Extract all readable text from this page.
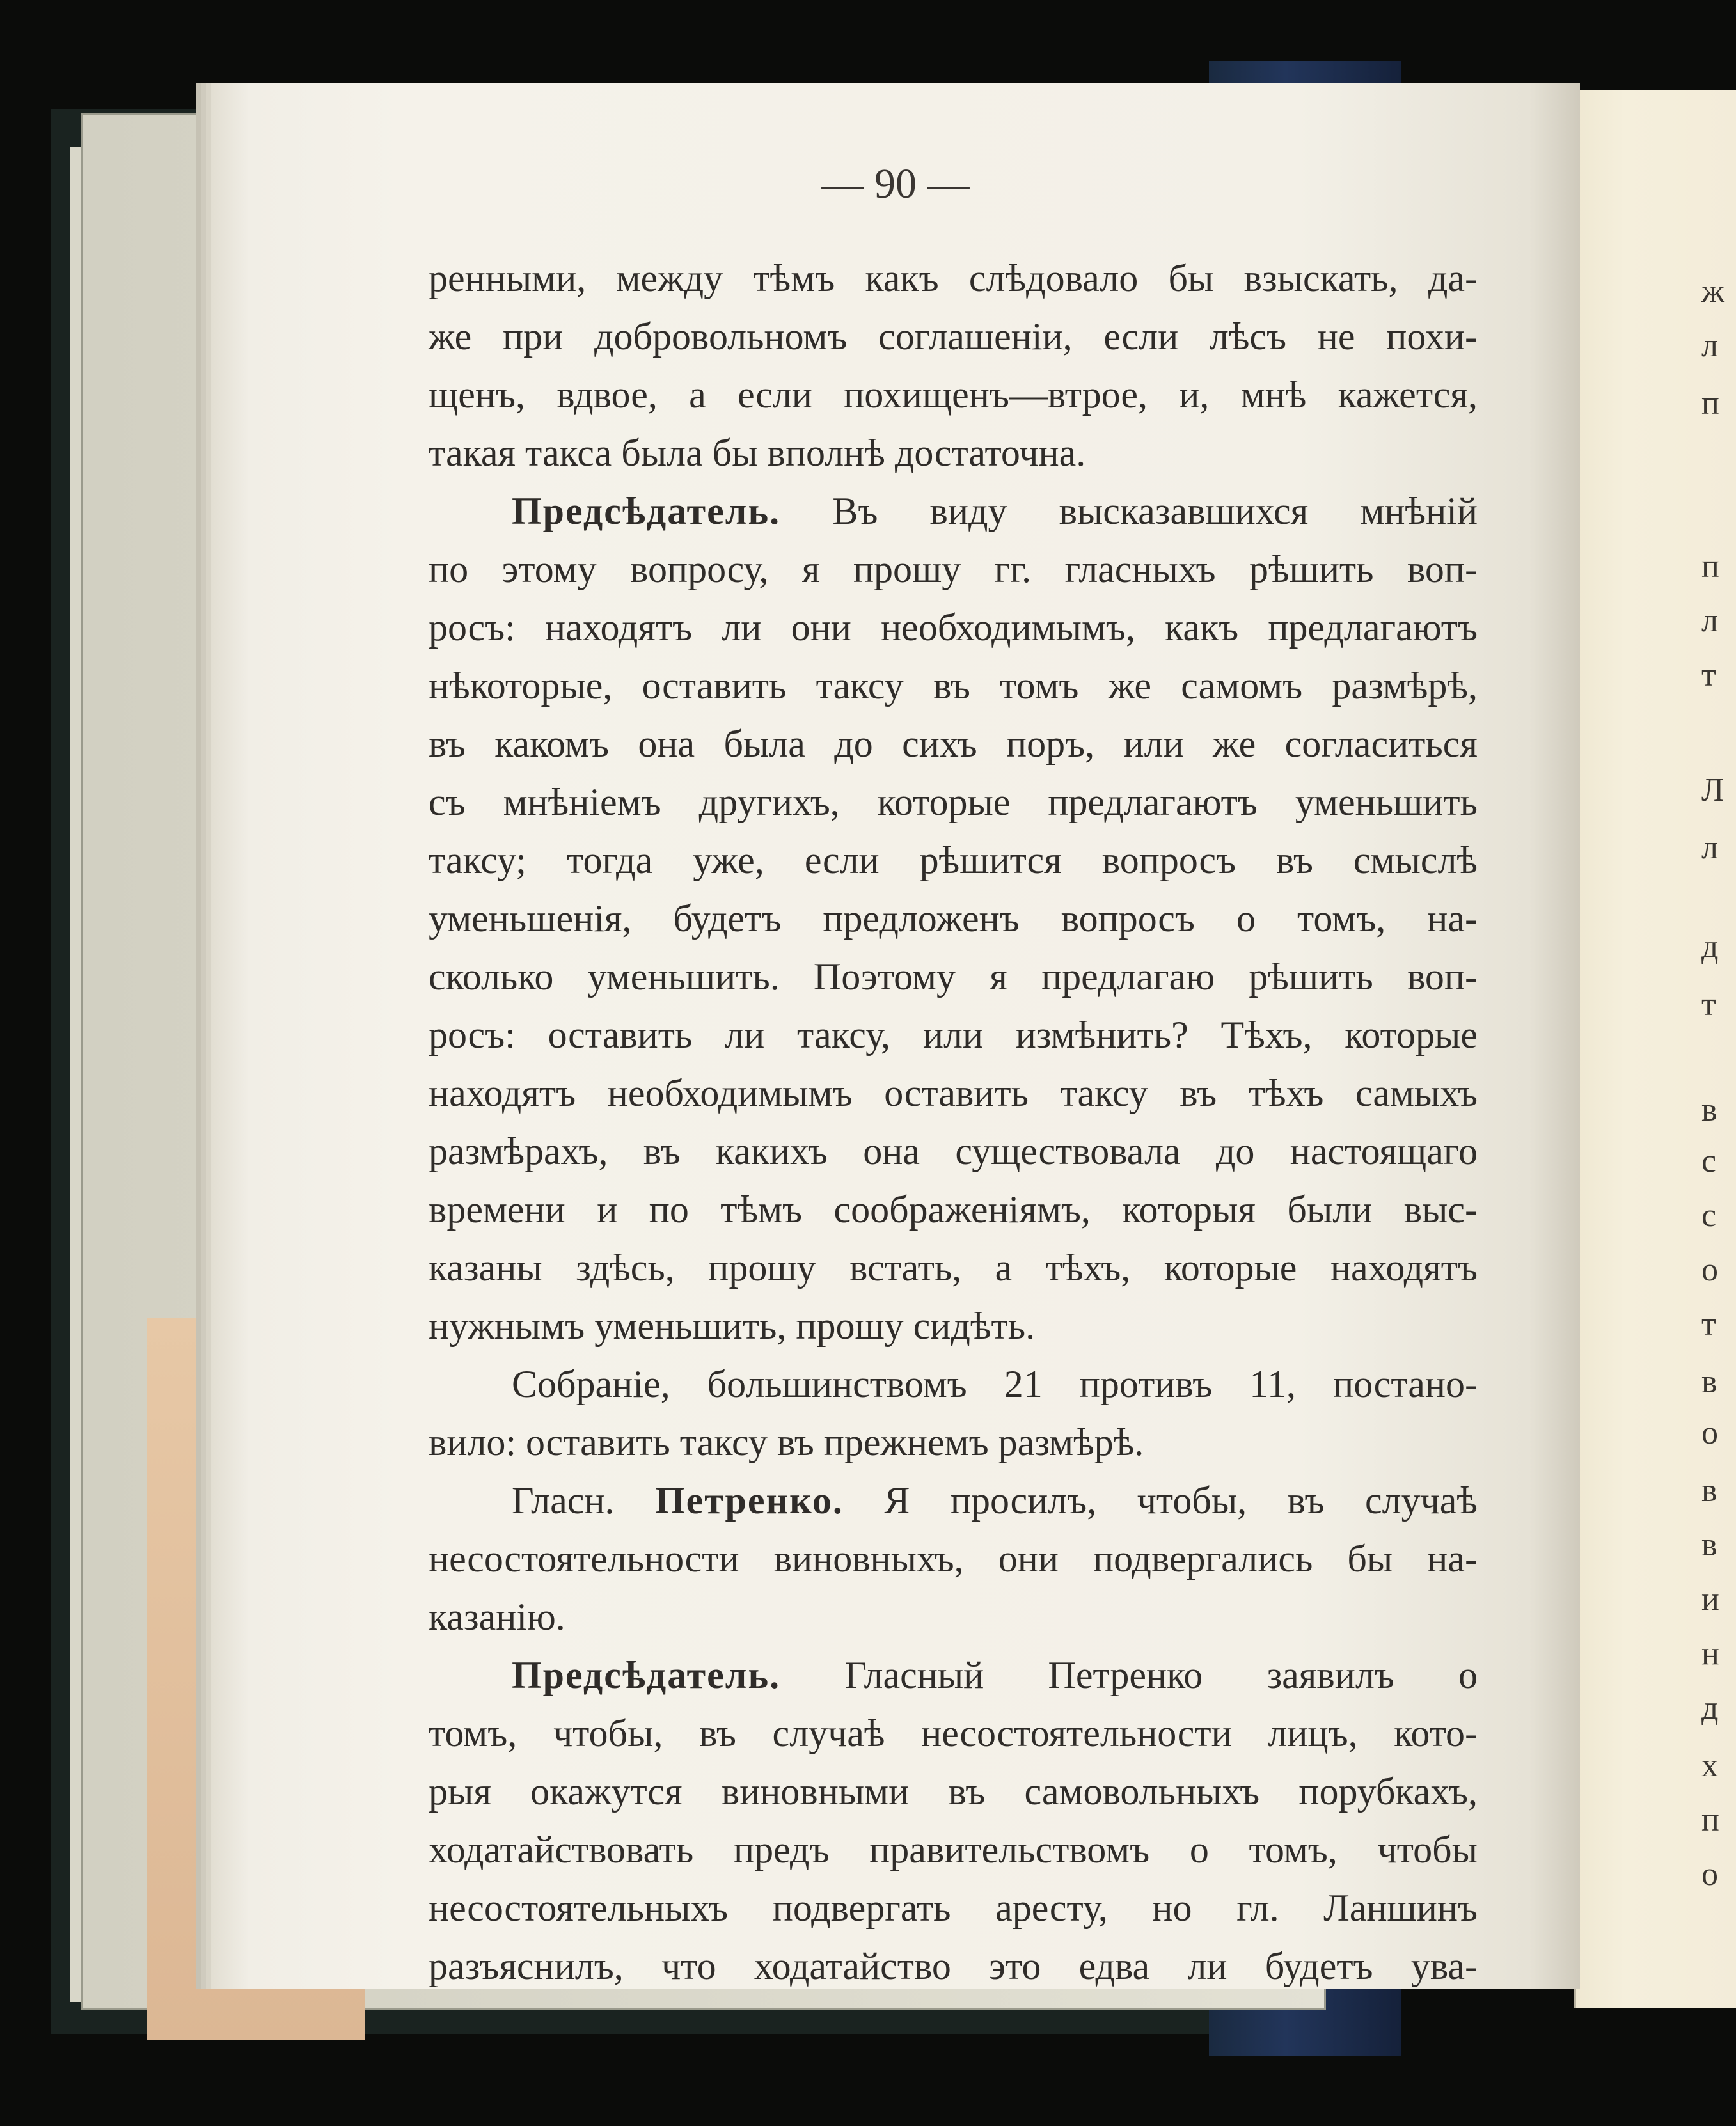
ж
л
п
п
л
т
Л
л
д
т
в
с
с
о
т
в
о
в
в
и
н
д
х
п
о
— 90 —
ренными, между тѣмъ какъ слѣдовало бы взыскать, да-
же при добровольномъ соглашеніи, если лѣсъ не похи-
щенъ, вдвое, а если похищенъ—втрое, и, мнѣ кажется,
такая такса была бы вполнѣ достаточна.
Предсѣдатель. Въ виду высказавшихся мнѣній
по этому вопросу, я прошу гг. гласныхъ рѣшить воп-
росъ: находятъ ли они необходимымъ, какъ предлагаютъ
нѣкоторые, оставить таксу въ томъ же самомъ размѣрѣ,
въ какомъ она была до сихъ поръ, или же согласиться
съ мнѣніемъ другихъ, которые предлагаютъ уменьшить
таксу; тогда уже, если рѣшится вопросъ въ смыслѣ
уменьшенія, будетъ предложенъ вопросъ о томъ, на-
сколько уменьшить. Поэтому я предлагаю рѣшить воп-
росъ: оставить ли таксу, или измѣнить? Тѣхъ, которые
находятъ необходимымъ оставить таксу въ тѣхъ самыхъ
размѣрахъ, въ какихъ она существовала до настоящаго
времени и по тѣмъ соображеніямъ, которыя были выс-
казаны здѣсь, прошу встать, а тѣхъ, которые находятъ
нужнымъ уменьшить, прошу сидѣть.
Собраніе, большинствомъ 21 противъ 11, постано-
вило: оставить таксу въ прежнемъ размѣрѣ.
Гласн. Петренко. Я просилъ, чтобы, въ случаѣ
несостоятельности виновныхъ, они подвергались бы на-
казанію.
Предсѣдатель. Гласный Петренко заявилъ о
томъ, чтобы, въ случаѣ несостоятельности лицъ, кото-
рыя окажутся виновными въ самовольныхъ порубкахъ,
ходатайствовать предъ правительствомъ о томъ, чтобы
несостоятельныхъ подвергать аресту, но гл. Ланшинъ
разъяснилъ, что ходатайство это едва ли будетъ ува-
